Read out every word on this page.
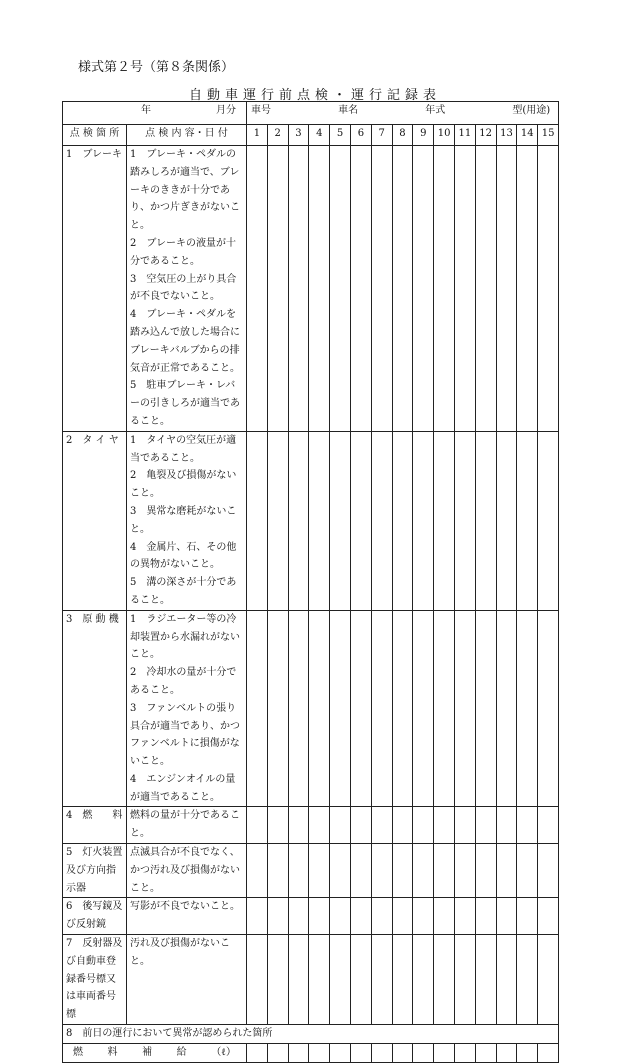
様式第２号（第８条関係）
自動車運行前点検・運行記録表
年 月分		車号 車名 年式 型(用途)														

点 検 箇 所	点 検 内 容・日 付	1	2	3	4	5	6	7	8	9	10	11	12	13	14	15
1　ブレーキ	1　ブレーキ・ペダルの踏みしろが適当で、ブレーキのききが十分であり、かつ片ぎきがないこと。
2　ブレーキの液量が十分であること。
3　空気圧の上がり具合が不良でないこと。
4　ブレーキ・ペダルを踏み込んで放した場合にブレーキバルブからの排気音が正常であること。
5　駐車ブレーキ・レバーの引きしろが適当であること。															
2　タ イ ヤ	1　タイヤの空気圧が適当であること。
2　亀裂及び損傷がないこと。
3　異常な磨耗がないこと。
4　金属片、石、その他の異物がないこと。
5　溝の深さが十分であること。															
3　原 動 機	1　ラジエーター等の冷却装置から水漏れがないこと。
2　冷却水の量が十分であること。
3　ファンベルトの張り具合が適当であり、かつファンベルトに損傷がないこと。
4　エンジンオイルの量が適当であること。															
4　燃　　料	燃料の量が十分であること。															
5　灯火装置及び方向指示器	点滅具合が不良でなく、かつ汚れ及び損傷がないこと。															
6　後写鏡及び反射鏡	写影が不良でないこと。															
7　反射器及び自動車登録番号標又は車両番号標	汚れ及び損傷がないこと。															
8　前日の運行において異常が認められた箇所																

燃 料 補 給 （ℓ）																
